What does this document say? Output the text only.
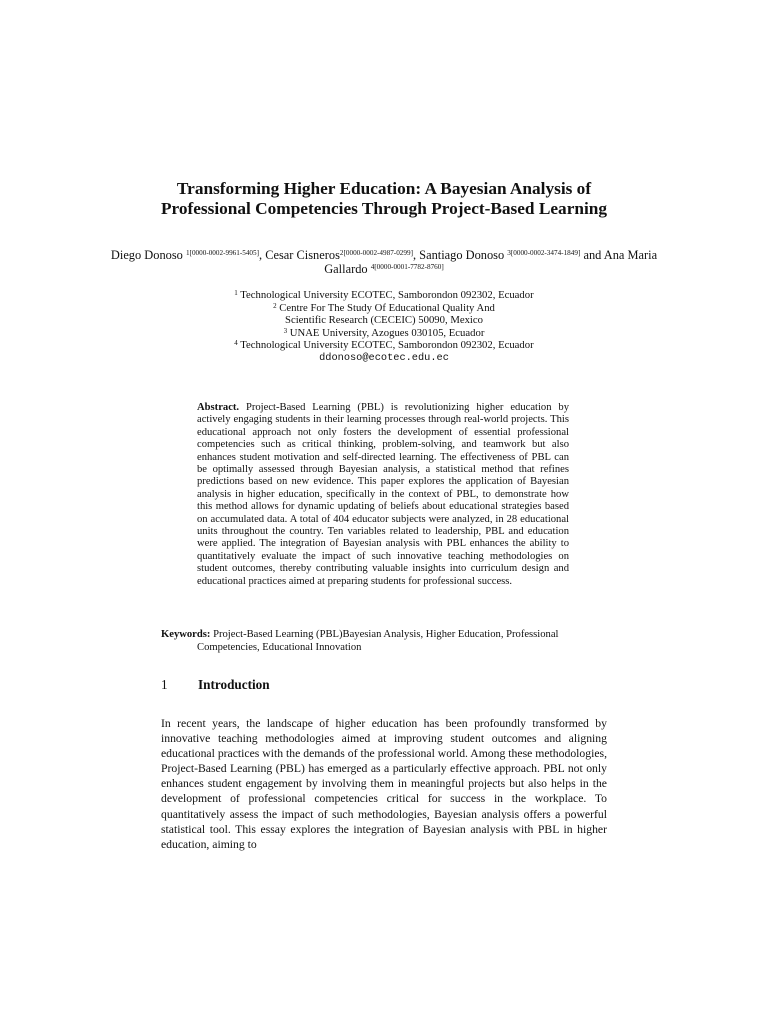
Transforming Higher Education: A Bayesian Analysis of Professional Competencies Through Project-Based Learning
Diego Donoso $^{1[0000-0002-9961-5405]}$, Cesar Cisneros$^{2[0000-0002-4987-0299]}$, Santiago Donoso $^{3[0000-0002-3474-1849]}$ and Ana Maria Gallardo $^{4[0000-0001-7782-8760]}$
$^1$ Technological University ECOTEC, Samborondon 092302, Ecuador
$^2$ Centre For The Study Of Educational Quality And
Scientific Research (CECEIC) 50090, Mexico
$^3$ UNAE University, Azogues 030105, Ecuador
$^4$ Technological University ECOTEC, Samborondon 092302, Ecuador
ddonoso@ecotec.edu.ec
Abstract. Project-Based Learning (PBL) is revolutionizing higher education by actively engaging students in their learning processes through real-world projects. This educational approach not only fosters the development of essential professional competencies such as critical thinking, problem-solving, and teamwork but also enhances student motivation and self-directed learning. The effectiveness of PBL can be optimally assessed through Bayesian analysis, a statistical method that refines predictions based on new evidence. This paper explores the application of Bayesian analysis in higher education, specifically in the context of PBL, to demonstrate how this method allows for dynamic updating of beliefs about educational strategies based on accumulated data. A total of 404 educator subjects were analyzed, in 28 educational units throughout the country. Ten variables related to leadership, PBL and education were applied. The integration of Bayesian analysis with PBL enhances the ability to quantitatively evaluate the impact of such innovative teaching methodologies on student outcomes, thereby contributing valuable insights into curriculum design and educational practices aimed at preparing students for professional success.
Keywords: Project-Based Learning (PBL)Bayesian Analysis, Higher Education, Professional Competencies, Educational Innovation
1 Introduction
In recent years, the landscape of higher education has been profoundly transformed by innovative teaching methodologies aimed at improving student outcomes and aligning educational practices with the demands of the professional world. Among these methodologies, Project-Based Learning (PBL) has emerged as a particularly effective approach. PBL not only enhances student engagement by involving them in meaningful projects but also helps in the development of professional competencies critical for success in the workplace. To quantitatively assess the impact of such methodologies, Bayesian analysis offers a powerful statistical tool. This essay explores the integration of Bayesian analysis with PBL in higher education, aiming to
